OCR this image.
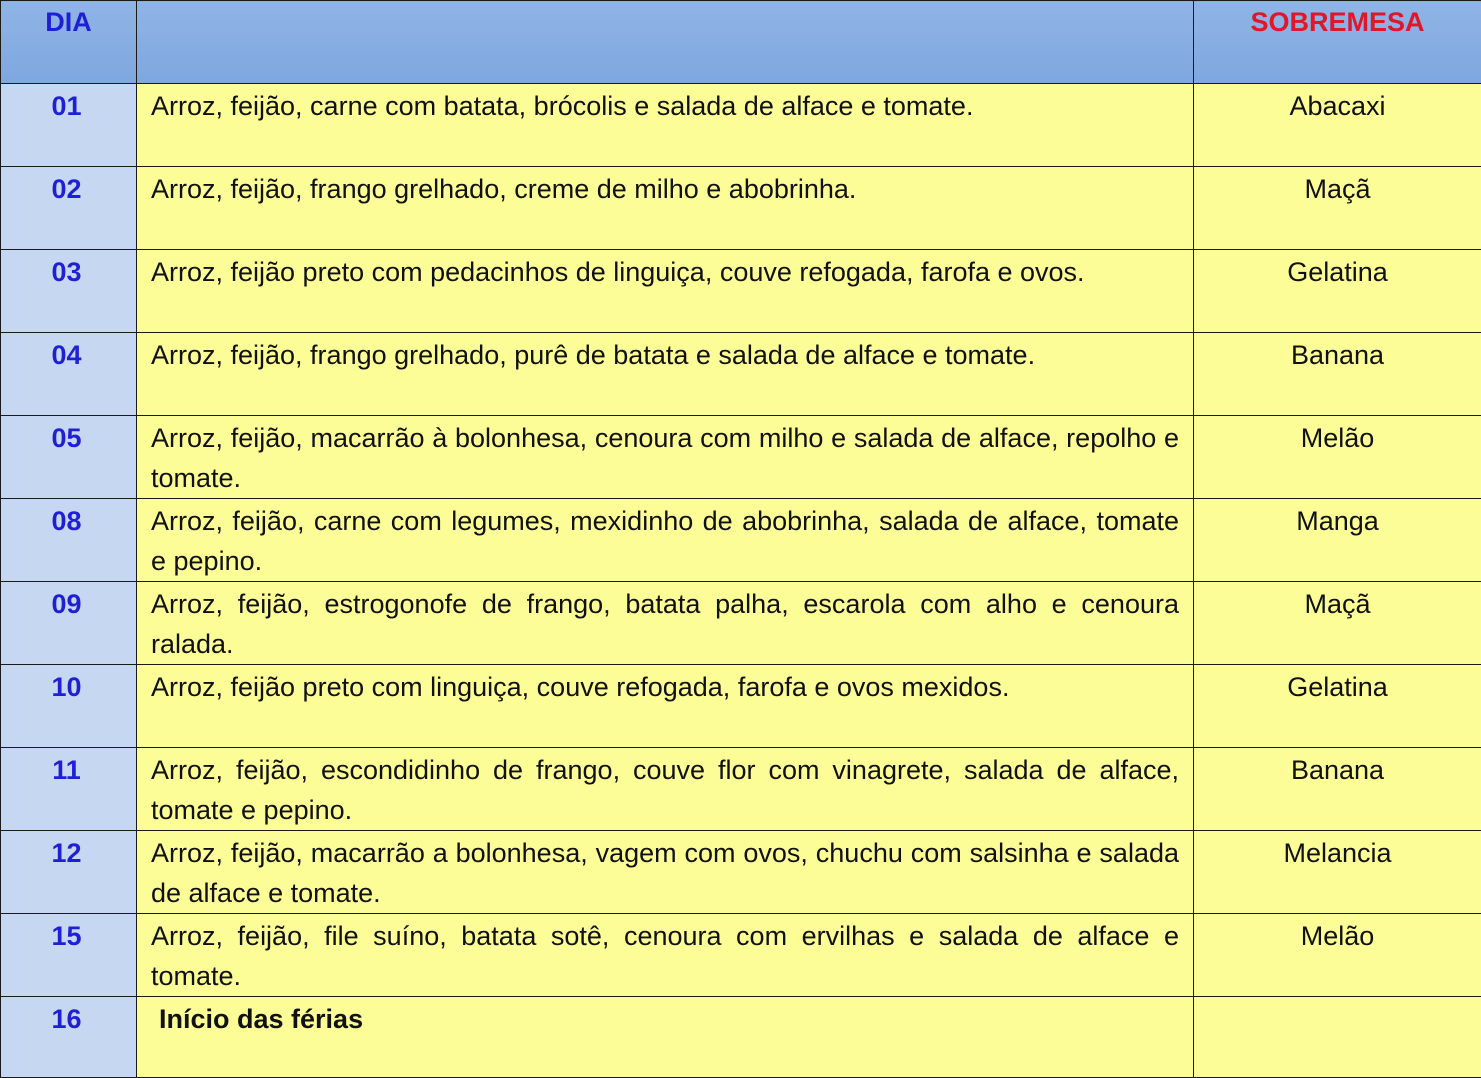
DIA		SOBREMESA
01	Arroz, feijão, carne com batata, brócolis e salada de alface e tomate.	Abacaxi
02	Arroz, feijão, frango grelhado, creme de milho e abobrinha.	Maçã
03	Arroz, feijão preto com pedacinhos de linguiça, couve refogada, farofa e ovos.	Gelatina
04	Arroz, feijão, frango grelhado, purê de batata e salada de alface e tomate.	Banana
05	Arroz, feijão, macarrão à bolonhesa, cenoura com milho e salada de alface, repolho e tomate.	Melão
08	Arroz, feijão, carne com legumes, mexidinho de abobrinha, salada de alface, tomate e pepino.	Manga
09	Arroz, feijão, estrogonofe de frango, batata palha, escarola com alho e cenoura ralada.	Maçã
10	Arroz, feijão preto com linguiça, couve refogada, farofa e ovos mexidos.	Gelatina
11	Arroz, feijão, escondidinho de frango, couve flor com vinagrete, salada de alface, tomate e pepino.	Banana
12	Arroz, feijão, macarrão a bolonhesa, vagem com ovos, chuchu com salsinha e salada de alface e tomate.	Melancia
15	Arroz, feijão, file suíno, batata sotê, cenoura com ervilhas e salada de alface e tomate.	Melão
16	Início das férias	
